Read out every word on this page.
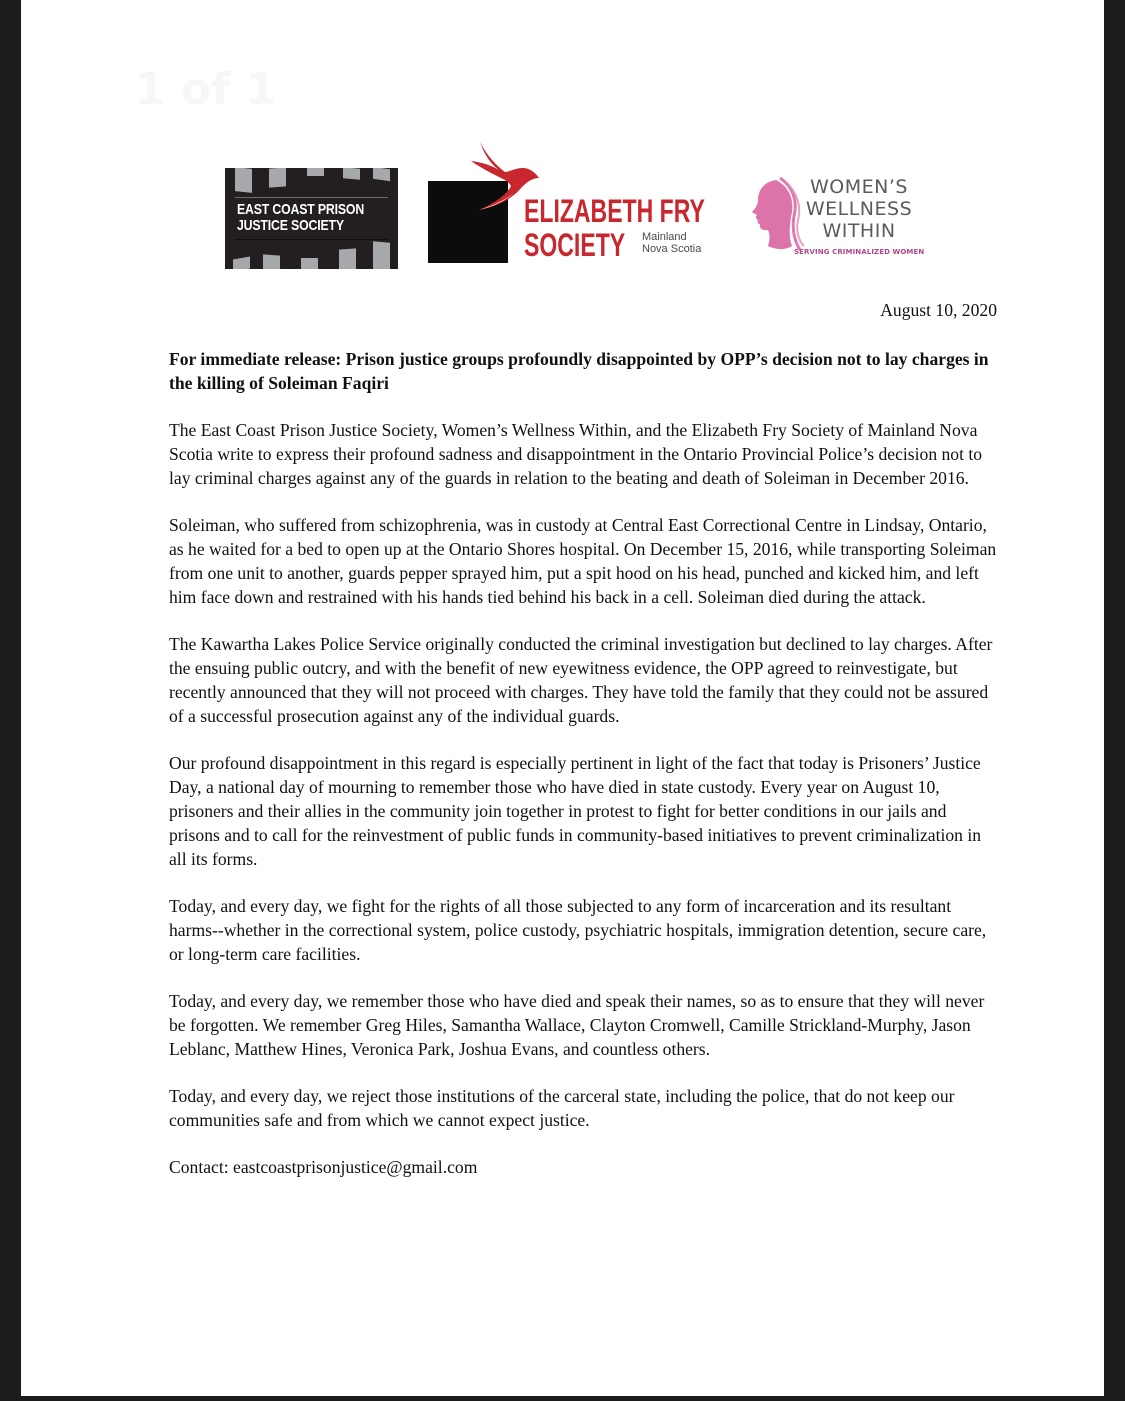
1 of 1
EAST COAST PRISON
JUSTICE SOCIETY	ELIZABETH FRY
SOCIETY	Mainland
Nova Scotia
WOMEN’S
WELLNESS
WITHIN
SERVING CRIMINALIZED WOMEN
August 10, 2020
For immediate release: Prison justice groups profoundly disappointed by OPP’s decision not to lay charges in the killing of Soleiman Faqiri

The East Coast Prison Justice Society, Women’s Wellness Within, and the Elizabeth Fry Society of Mainland Nova Scotia write to express their profound sadness and disappointment in the Ontario Provincial Police’s decision not to lay criminal charges against any of the guards in relation to the beating and death of Soleiman in December 2016.

Soleiman, who suffered from schizophrenia, was in custody at Central East Correctional Centre in Lindsay, Ontario, as he waited for a bed to open up at the Ontario Shores hospital. On December 15, 2016, while transporting Soleiman from one unit to another, guards pepper sprayed him, put a spit hood on his head, punched and kicked him, and left him face down and restrained with his hands tied behind his back in a cell. Soleiman died during the attack.

The Kawartha Lakes Police Service originally conducted the criminal investigation but declined to lay charges. After the ensuing public outcry, and with the benefit of new eyewitness evidence, the OPP agreed to reinvestigate, but recently announced that they will not proceed with charges. They have told the family that they could not be assured of a successful prosecution against any of the individual guards.

Our profound disappointment in this regard is especially pertinent in light of the fact that today is Prisoners’ Justice Day, a national day of mourning to remember those who have died in state custody. Every year on August 10, prisoners and their allies in the community join together in protest to fight for better conditions in our jails and prisons and to call for the reinvestment of public funds in community-based initiatives to prevent criminalization in all its forms.

Today, and every day, we fight for the rights of all those subjected to any form of incarceration and its resultant harms--whether in the correctional system, police custody, psychiatric hospitals, immigration detention, secure care, or long-term care facilities.

Today, and every day, we remember those who have died and speak their names, so as to ensure that they will never be forgotten. We remember Greg Hiles, Samantha Wallace, Clayton Cromwell, Camille Strickland-Murphy, Jason Leblanc, Matthew Hines, Veronica Park, Joshua Evans, and countless others.

Today, and every day, we reject those institutions of the carceral state, including the police, that do not keep our communities safe and from which we cannot expect justice.

Contact: eastcoastprisonjustice@gmail.com
